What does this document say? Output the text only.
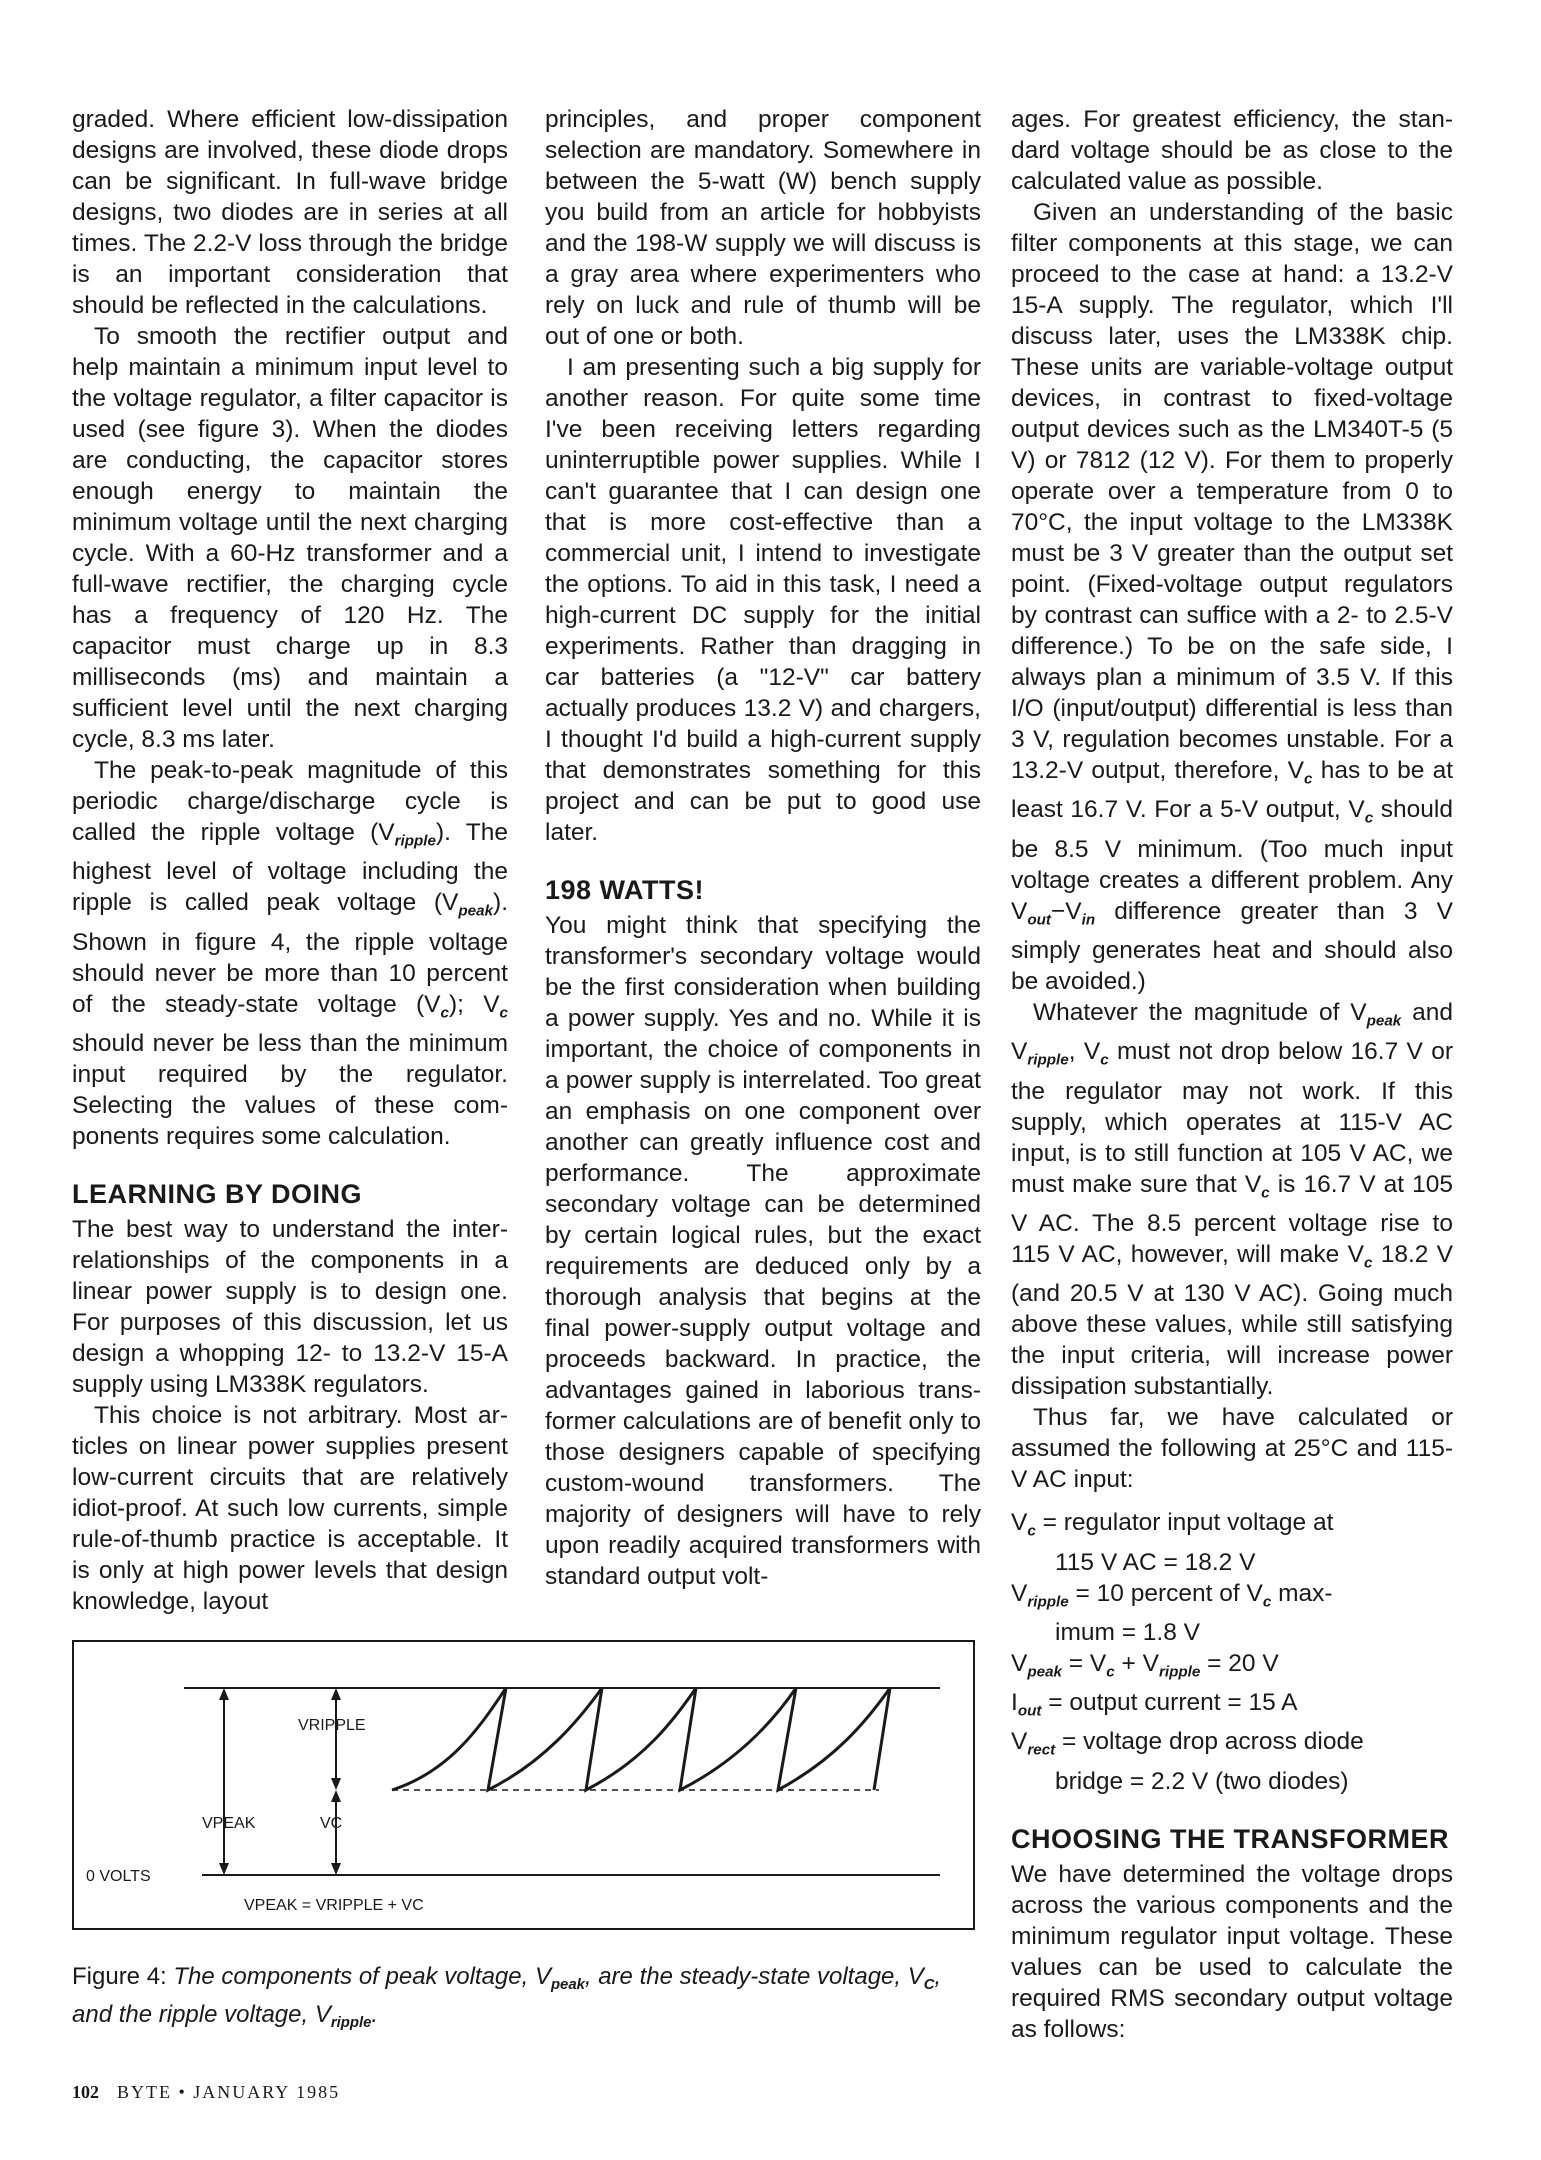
graded. Where efficient low-dissipation designs are involved, these diode drops can be significant. In full-wave bridge designs, two diodes are in series at all times. The 2.2-V loss through the bridge is an important consideration that should be reflected in the calculations.

To smooth the rectifier output and help maintain a minimum input level to the voltage regulator, a filter capacitor is used (see figure 3). When the diodes are conducting, the capacitor stores enough energy to maintain the minimum voltage until the next charging cycle. With a 60-Hz transformer and a full-wave rectifier, the charging cycle has a frequency of 120 Hz. The capacitor must charge up in 8.3 milliseconds (ms) and maintain a sufficient level until the next charging cycle, 8.3 ms later.

The peak-to-peak magnitude of this periodic charge/discharge cycle is called the ripple voltage $(V_{ripple})$. The highest level of voltage including the ripple is called peak voltage $(V_{peak})$. Shown in figure 4, the ripple voltage should never be more than 10 percent of the steady-state voltage $(V_c)$; $V_c$ should never be less than the minimum input required by the regulator. Selecting the values of these components requires some calculation.

LEARNING BY DOING

The best way to understand the interrelationships of the components in a linear power supply is to design one. For purposes of this discussion, let us design a whopping 12- to 13.2-V 15-A supply using LM338K regulators.

This choice is not arbitrary. Most articles on linear power supplies present low-current circuits that are relatively idiot-proof. At such low currents, simple rule-of-thumb practice is acceptable. It is only at high power levels that design knowledge, layout

principles, and proper component selection are mandatory. Somewhere in between the 5-watt (W) bench supply you build from an article for hobbyists and the 198-W supply we will discuss is a gray area where experimenters who rely on luck and rule of thumb will be out of one or both.

I am presenting such a big supply for another reason. For quite some time I've been receiving letters regarding uninterruptible power supplies. While I can't guarantee that I can design one that is more cost-effective than a commercial unit, I intend to investigate the options. To aid in this task, I need a high-current DC supply for the initial experiments. Rather than dragging in car batteries (a "12-V" car battery actually produces 13.2 V) and chargers, I thought I'd build a high-current supply that demonstrates something for this project and can be put to good use later.

198 WATTS!

You might think that specifying the transformer's secondary voltage would be the first consideration when building a power supply. Yes and no. While it is important, the choice of components in a power supply is interrelated. Too great an emphasis on one component over another can greatly influence cost and performance. The approximate secondary voltage can be determined by certain logical rules, but the exact requirements are deduced only by a thorough analysis that begins at the final power-supply output voltage and proceeds backward. In practice, the advantages gained in laborious transformer calculations are of benefit only to those designers capable of specifying custom-wound transformers. The majority of designers will have to rely upon readily acquired transformers with standard output volt-

ages. For greatest efficiency, the standard voltage should be as close to the calculated value as possible.

Given an understanding of the basic filter components at this stage, we can proceed to the case at hand: a 13.2-V 15-A supply. The regulator, which I'll discuss later, uses the LM338K chip. These units are variable-voltage output devices, in contrast to fixed-voltage output devices such as the LM340T-5 (5 V) or 7812 (12 V). For them to properly operate over a temperature from 0 to 70°C, the input voltage to the LM338K must be 3 V greater than the output set point. (Fixed-voltage output regulators by contrast can suffice with a 2- to 2.5-V difference.) To be on the safe side, I always plan a minimum of 3.5 V. If this I/O (input/output) differential is less than 3 V, regulation becomes unstable. For a 13.2-V output, therefore, $V_c$ has to be at least 16.7 V. For a 5-V output, $V_c$ should be 8.5 V minimum. (Too much input voltage creates a different problem. Any $V_{out}-V_{in}$ difference greater than 3 V simply generates heat and should also be avoided.)

Whatever the magnitude of $V_{peak}$ and $V_{ripple}$, $V_c$ must not drop below 16.7 V or the regulator may not work. If this supply, which operates at 115-V AC input, is to still function at 105 V AC, we must make sure that $V_c$ is 16.7 V at 105 V AC. The 8.5 percent voltage rise to 115 V AC, however, will make $V_c$ 18.2 V (and 20.5 V at 130 V AC). Going much above these values, while still satisfying the input criteria, will increase power dissipation substantially.

Thus far, we have calculated or assumed the following at 25°C and 115-V AC input:

$V_c$ = regulator input voltage at
115 V AC = 18.2 V
$V_{ripple} = 10$ percent of $V_c$ max-
imum = 1.8 V
$V_{peak} = V_c + V_{ripple} = 20$ V
$I_{out}$ = output current = 15 A
$V_{rect}$ = voltage drop across diode
bridge = 2.2 V (two diodes)
CHOOSING THE TRANSFORMER

We have determined the voltage drops across the various components and the minimum regulator input voltage. These values can be used to calculate the required RMS secondary output voltage as follows:

VRIPPLE
VPEAK	VC
0 VOLTS
VPEAK = VRIPPLE + VC
Figure 4: The components of peak voltage, $V_{peak}$, are the steady-state voltage, $V_C$,
and the ripple voltage, $V_{ripple}$.
102 BYTE • JANUARY 1985
